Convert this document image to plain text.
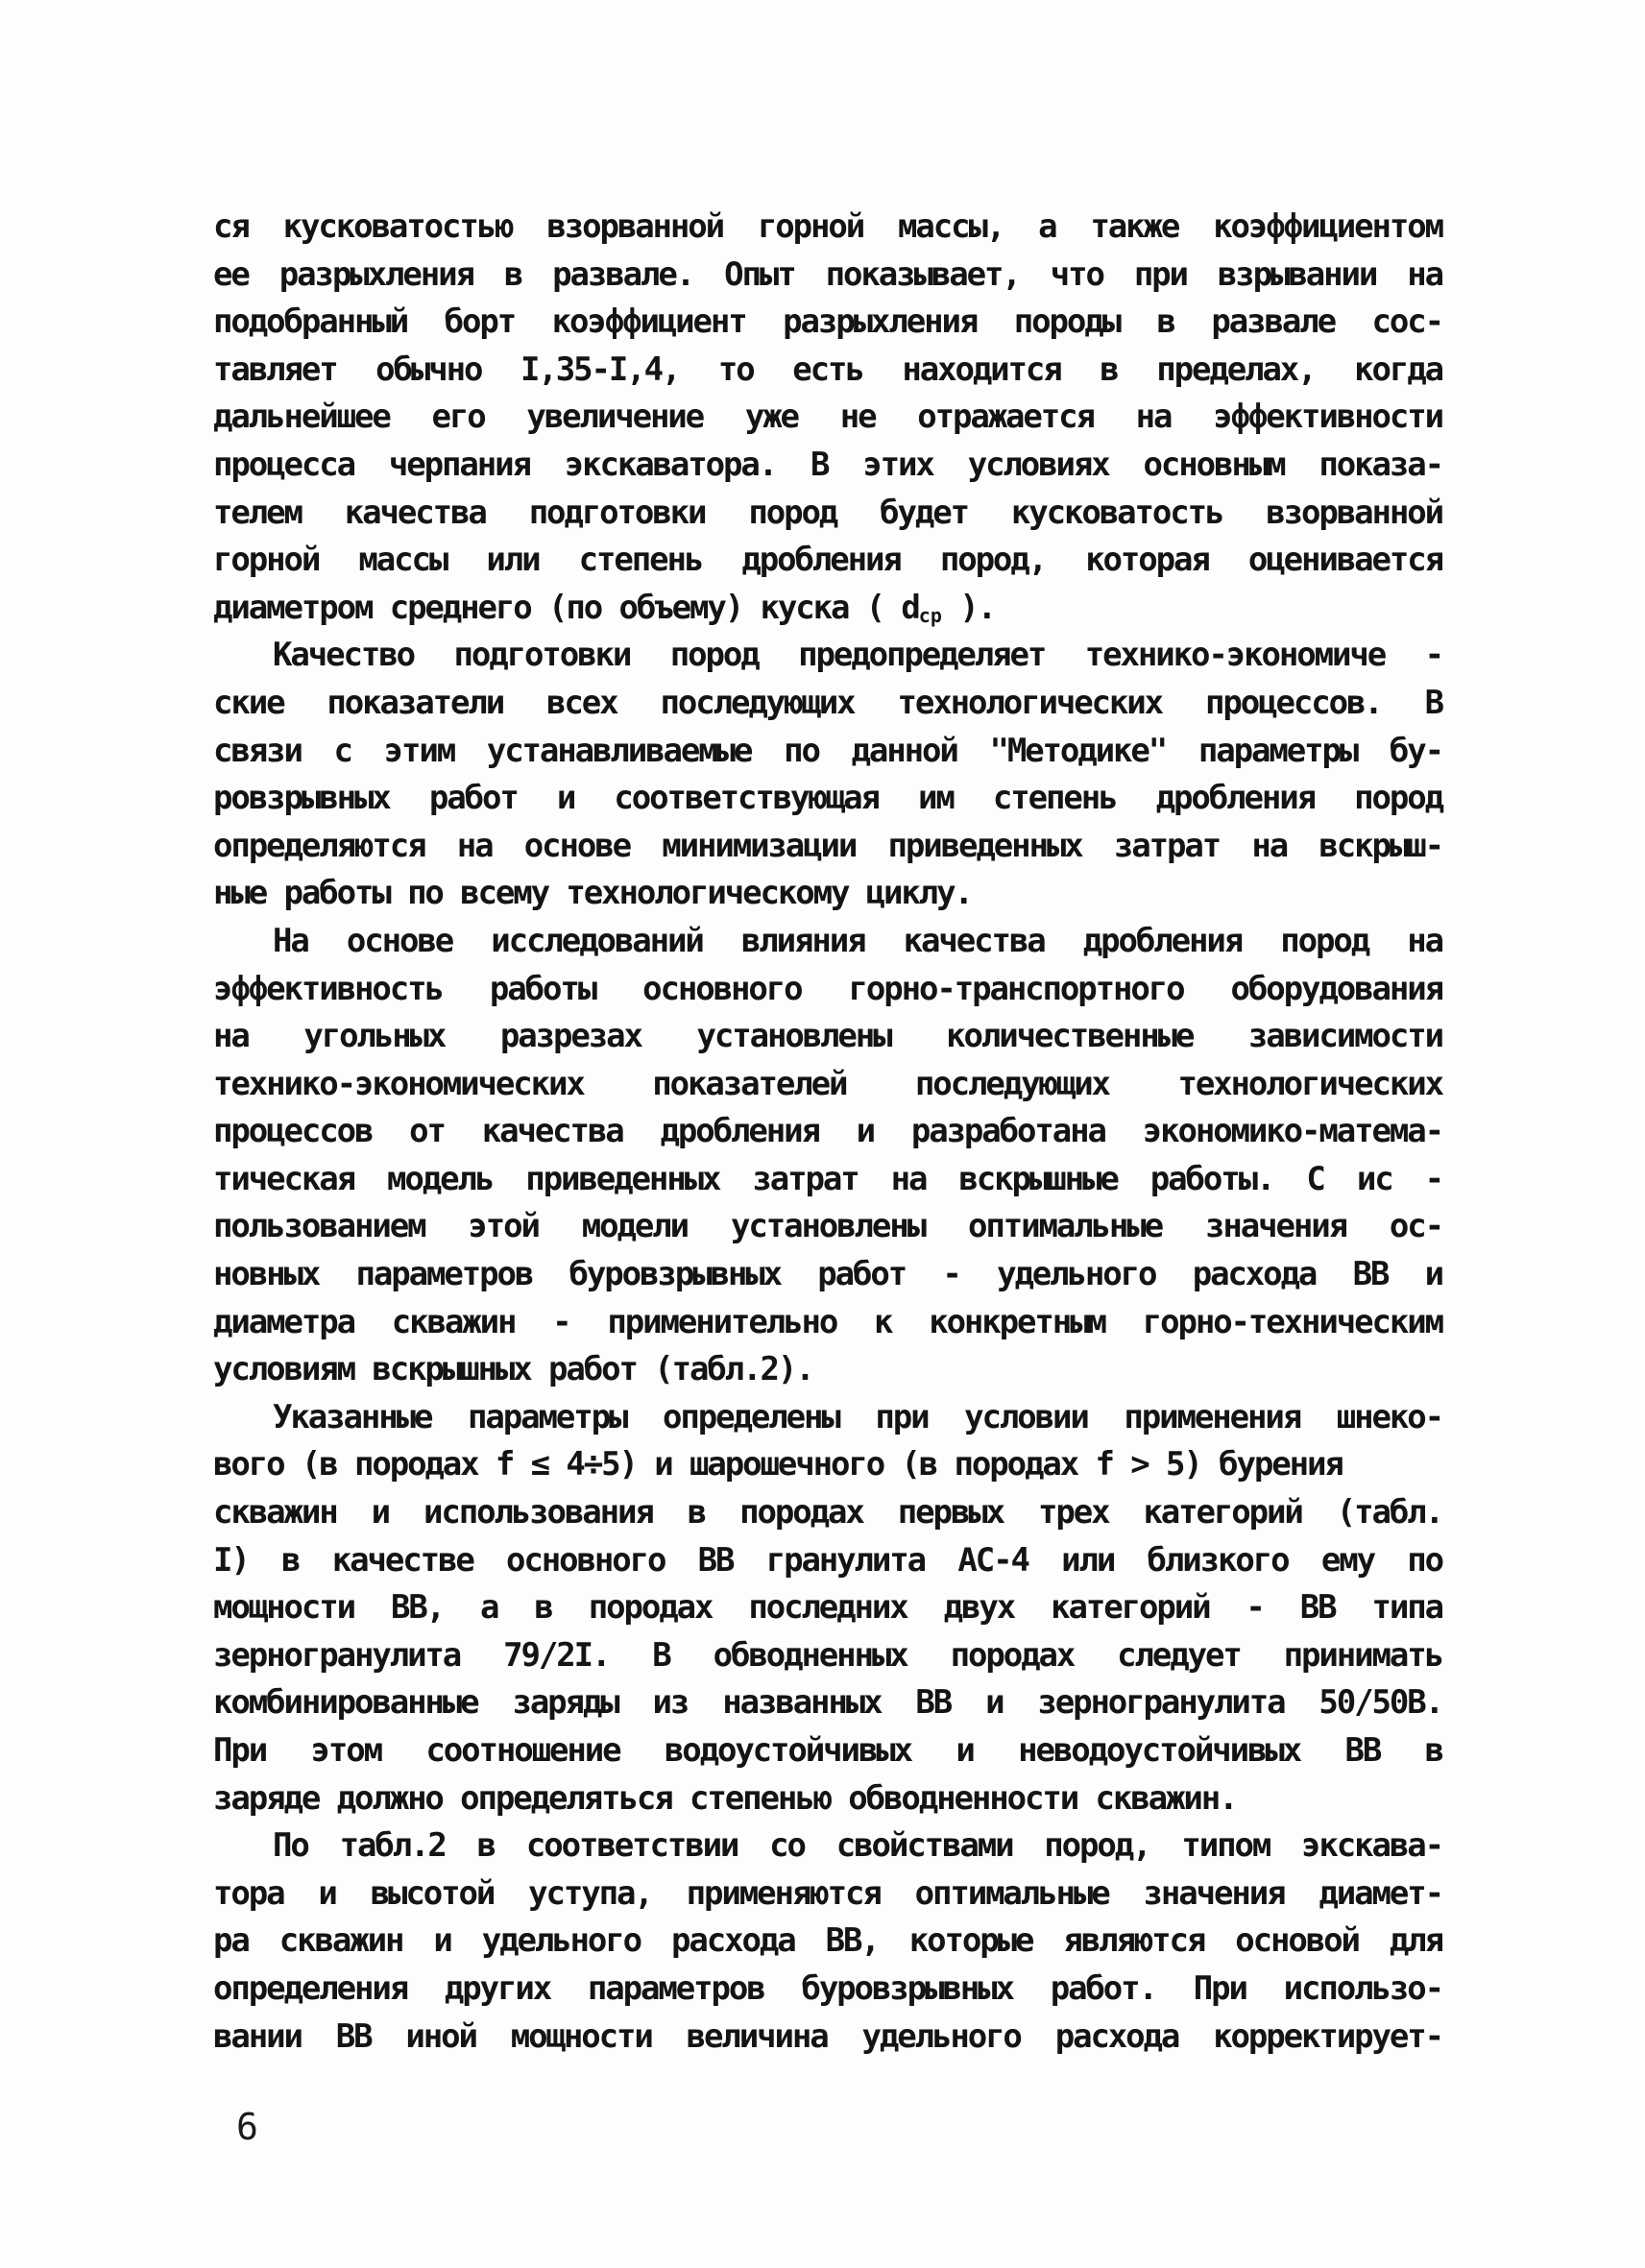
ся кусковатостью взорванной горной массы, а также коэффициентом
ее разрыхления в развале. Опыт показывает, что при взрывании на
подобранный борт коэффициент разрыхления породы в развале сос-
тавляет обычно I,35-I,4, то есть находится в пределах, когда
дальнейшее его увеличение уже не отражается на эффективности
процесса черпания экскаватора. В этих условиях основным показа-
телем качества подготовки пород будет кусковатость взорванной
горной массы или степень дробления пород, которая оценивается
диаметром среднего (по объему) куска ( $d_{ср}$ ).
Качество подготовки пород предопределяет технико-экономиче -
ские показатели всех последующих технологических процессов. В
связи с этим устанавливаемые по данной "Методике" параметры бу-
ровзрывных работ и соответствующая им степень дробления пород
определяются на основе минимизации приведенных затрат на вскрыш-
ные работы по всему технологическому циклу.
На основе исследований влияния качества дробления пород на
эффективность работы основного горно-транспортного оборудования
на угольных разрезах установлены количественные зависимости
технико-экономических показателей последующих технологических
процессов от качества дробления и разработана экономико-матема-
тическая модель приведенных затрат на вскрышные работы. С ис -
пользованием этой модели установлены оптимальные значения ос-
новных параметров буровзрывных работ - удельного расхода ВВ и
диаметра скважин - применительно к конкретным горно-техническим
условиям вскрышных работ (табл.2).
Указанные параметры определены при условии применения шнеко-
вого (в породах f ≤ 4÷5) и шарошечного (в породах f > 5) бурения
скважин и использования в породах первых трех категорий (табл.
I) в качестве основного ВВ гранулита АС-4 или близкого ему по
мощности ВВ, а в породах последних двух категорий - ВВ типа
зерногранулита 79/2I. В обводненных породах следует принимать
комбинированные заряды из названных ВВ и зерногранулита 50/50В.
При этом соотношение водоустойчивых и неводоустойчивых ВВ в
заряде должно определяться степенью обводненности скважин.
По табл.2 в соответствии со свойствами пород, типом экскава-
тора и высотой уступа, применяются оптимальные значения диамет-
ра скважин и удельного расхода ВВ, которые являются основой для
определения других параметров буровзрывных работ. При использо-
вании ВВ иной мощности величина удельного расхода корректирует-
6
